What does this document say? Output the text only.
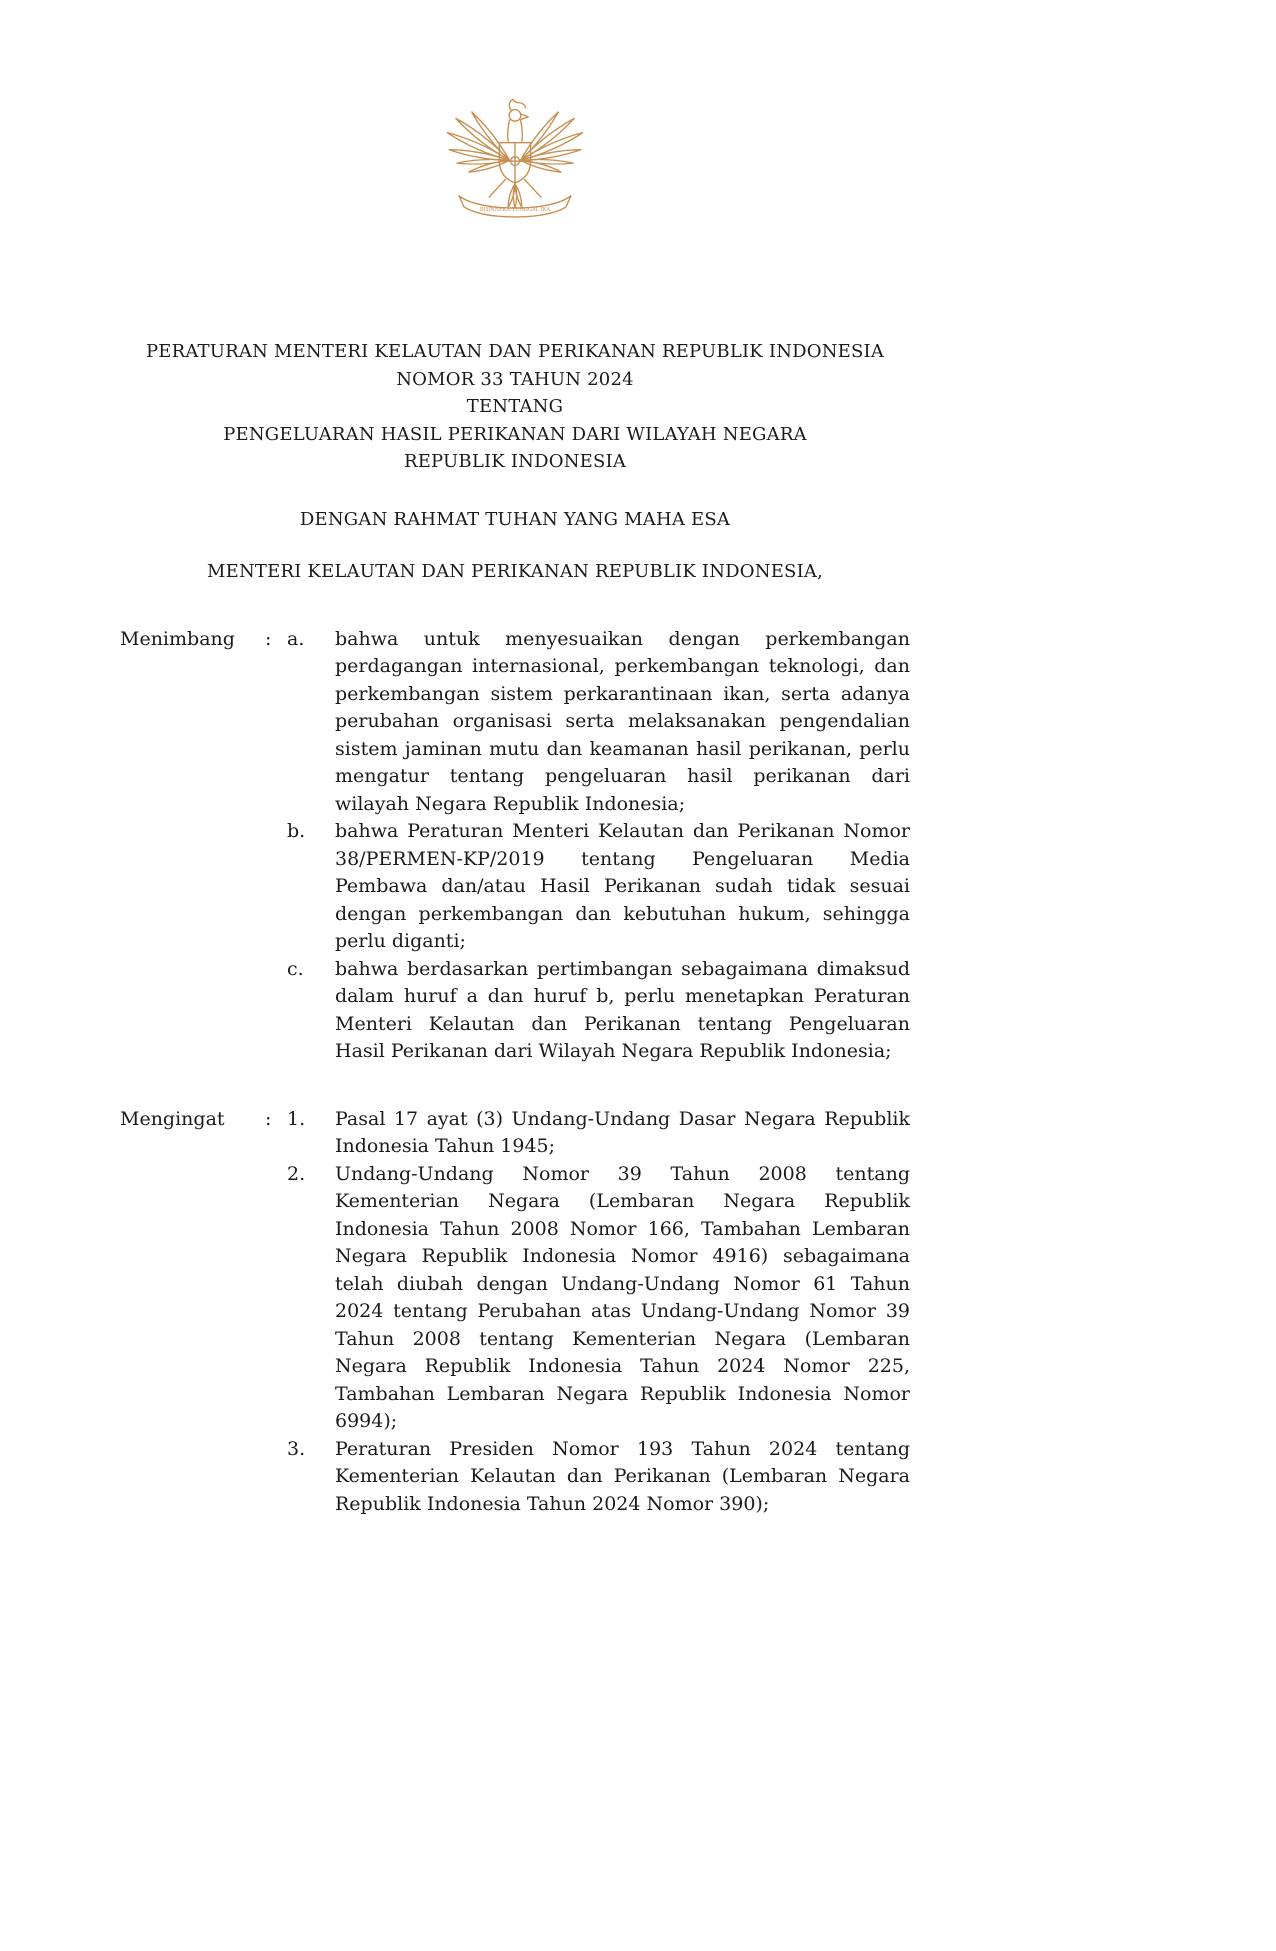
BHINNEKA TUNGGAL IKA
PERATURAN MENTERI KELAUTAN DAN PERIKANAN REPUBLIK INDONESIA
NOMOR 33 TAHUN 2024
TENTANG
PENGELUARAN HASIL PERIKANAN DARI WILAYAH NEGARA
REPUBLIK INDONESIA
DENGAN RAHMAT TUHAN YANG MAHA ESA
MENTERI KELAUTAN DAN PERIKANAN REPUBLIK INDONESIA,
Menimbang	: a.	bahwa untuk menyesuaikan dengan perkembangan perdagangan internasional, perkembangan teknologi, dan perkembangan sistem perkarantinaan ikan, serta adanya perubahan organisasi serta melaksanakan pengendalian sistem jaminan mutu dan keamanan hasil perikanan, perlu mengatur tentang pengeluaran hasil perikanan dari wilayah Negara Republik Indonesia;
b.	bahwa Peraturan Menteri Kelautan dan Perikanan Nomor 38/PERMEN-KP/2019 tentang Pengeluaran Media Pembawa dan/atau Hasil Perikanan sudah tidak sesuai dengan perkembangan dan kebutuhan hukum, sehingga perlu diganti;
c.	bahwa berdasarkan pertimbangan sebagaimana dimaksud dalam huruf a dan huruf b, perlu menetapkan Peraturan Menteri Kelautan dan Perikanan tentang Pengeluaran Hasil Perikanan dari Wilayah Negara Republik Indonesia;
Mengingat	: 1.	Pasal 17 ayat (3) Undang-Undang Dasar Negara Republik Indonesia Tahun 1945;
2.	Undang-Undang Nomor 39 Tahun 2008 tentang Kementerian Negara (Lembaran Negara Republik Indonesia Tahun 2008 Nomor 166, Tambahan Lembaran Negara Republik Indonesia Nomor 4916) sebagaimana telah diubah dengan Undang-Undang Nomor 61 Tahun 2024 tentang Perubahan atas Undang-Undang Nomor 39 Tahun 2008 tentang Kementerian Negara (Lembaran Negara Republik Indonesia Tahun 2024 Nomor 225, Tambahan Lembaran Negara Republik Indonesia Nomor 6994);
3.	Peraturan Presiden Nomor 193 Tahun 2024 tentang Kementerian Kelautan dan Perikanan (Lembaran Negara Republik Indonesia Tahun 2024 Nomor 390);
